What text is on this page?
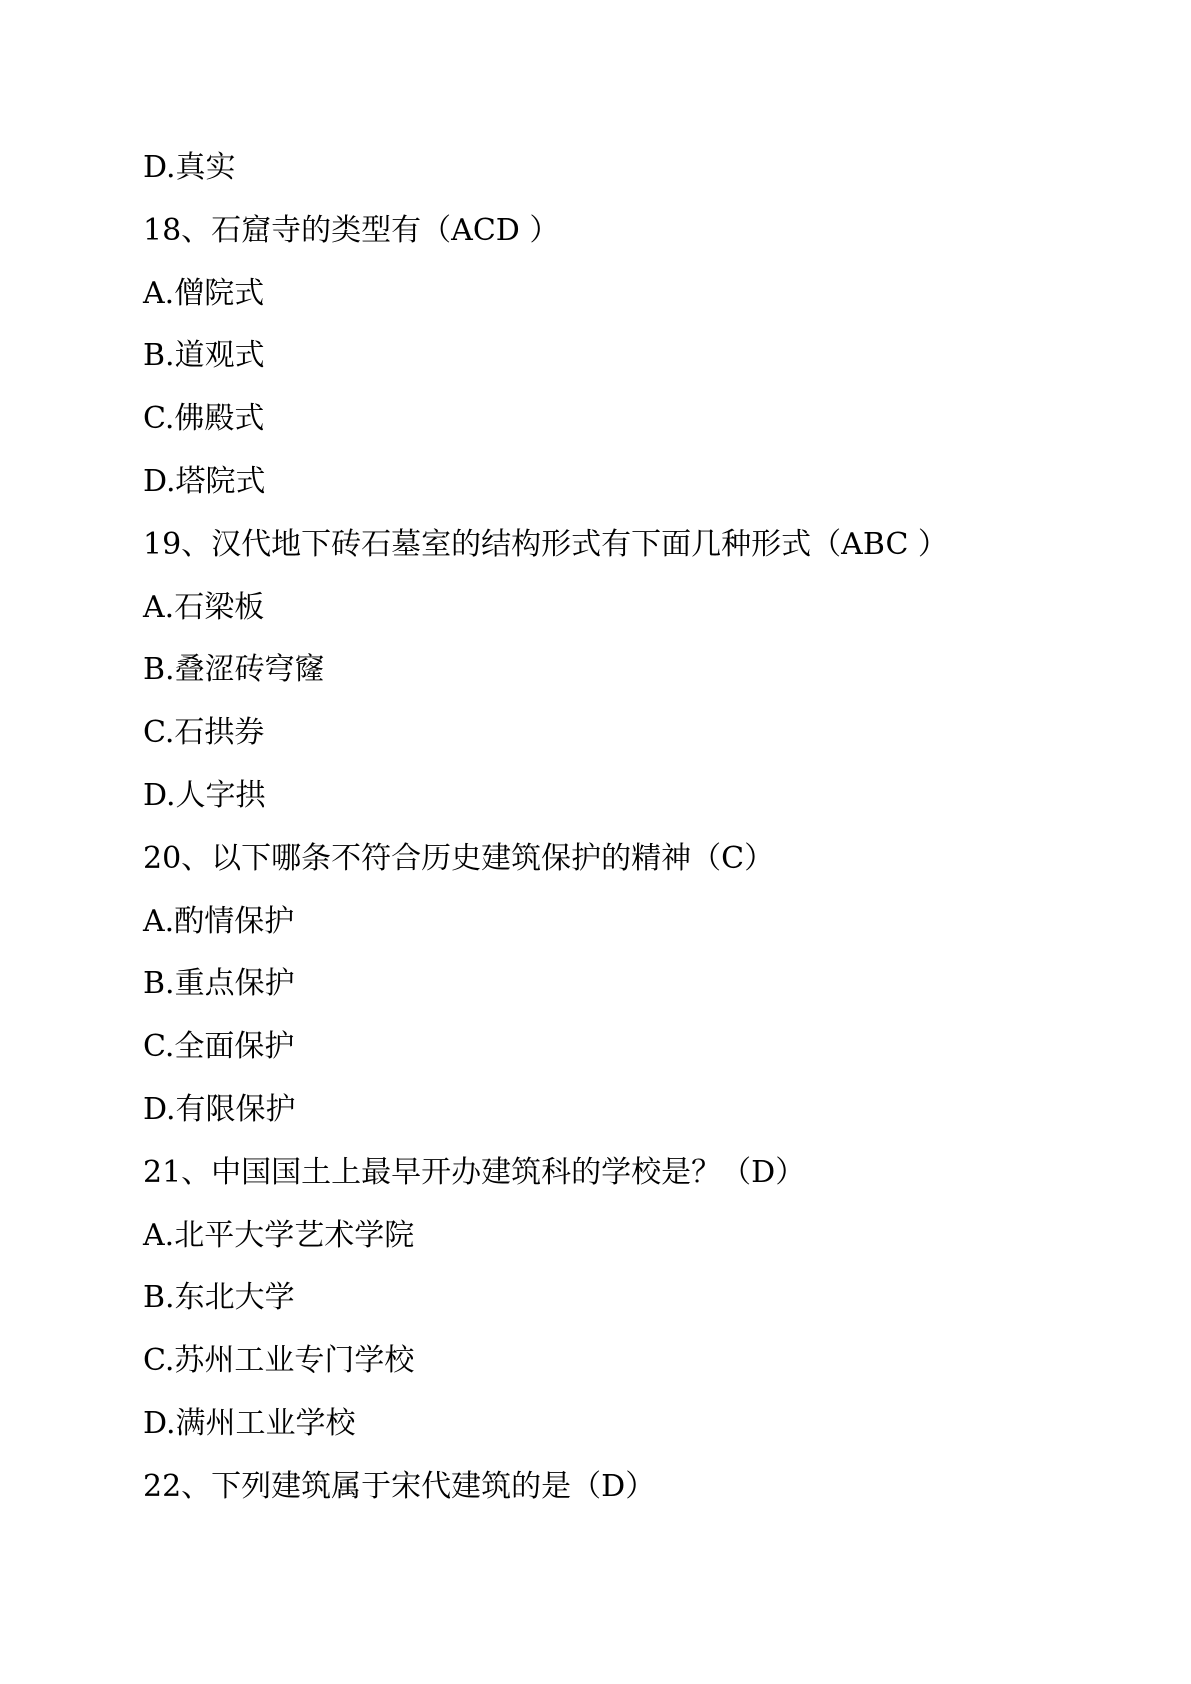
D.真实
18、石窟寺的类型有（ACD ）
A.僧院式
B.道观式
C.佛殿式
D.塔院式
19、汉代地下砖石墓室的结构形式有下面几种形式（ABC ）
A.石梁板
B.叠涩砖穹窿
C.石拱券
D.人字拱
20、以下哪条不符合历史建筑保护的精神（C）
A.酌情保护
B.重点保护
C.全面保护
D.有限保护
21、中国国土上最早开办建筑科的学校是？（D）
A.北平大学艺术学院
B.东北大学
C.苏州工业专门学校
D.满州工业学校
22、下列建筑属于宋代建筑的是（D）
